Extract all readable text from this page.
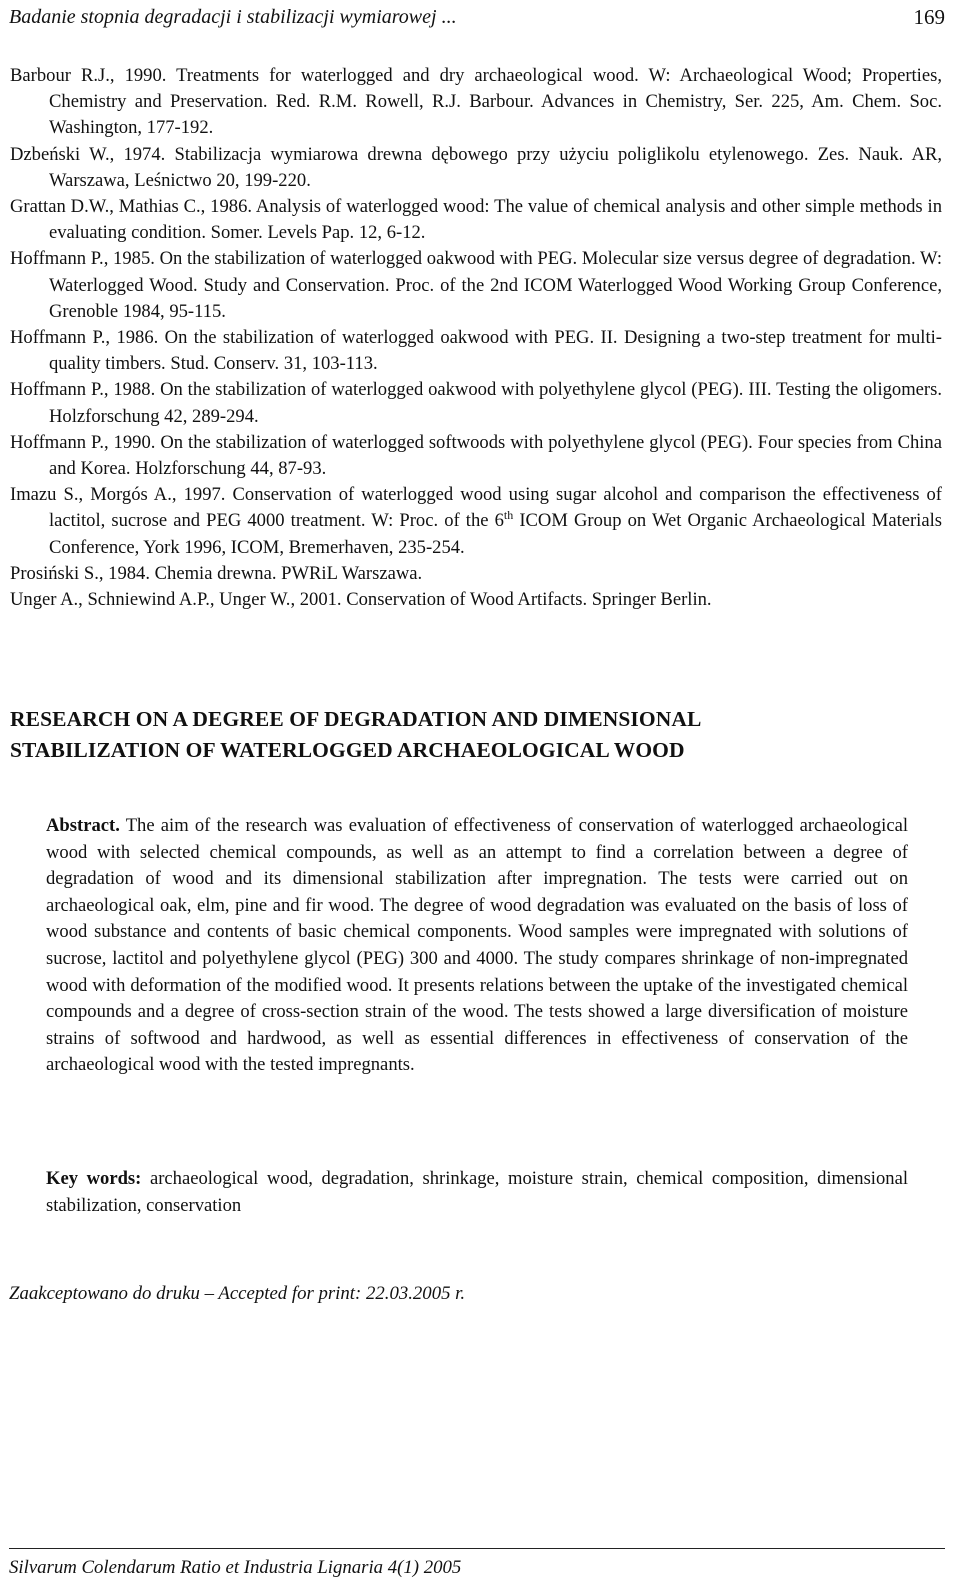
Badanie stopnia degradacji i stabilizacji wymiarowej ...	169

Barbour R.J., 1990. Treatments for waterlogged and dry archaeological wood. W: Archaeological Wood; Properties, Chemistry and Preservation. Red. R.M. Rowell, R.J. Barbour. Advances in Chemistry, Ser. 225, Am. Chem. Soc. Washington, 177-192.

Dzbeński W., 1974. Stabilizacja wymiarowa drewna dębowego przy użyciu poliglikolu etylenowego. Zes. Nauk. AR, Warszawa, Leśnictwo 20, 199-220.

Grattan D.W., Mathias C., 1986. Analysis of waterlogged wood: The value of chemical analysis and other simple methods in evaluating condition. Somer. Levels Pap. 12, 6-12.

Hoffmann P., 1985. On the stabilization of waterlogged oakwood with PEG. Molecular size versus degree of degradation. W: Waterlogged Wood. Study and Conservation. Proc. of the 2nd ICOM Waterlogged Wood Working Group Conference, Grenoble 1984, 95-115.

Hoffmann P., 1986. On the stabilization of waterlogged oakwood with PEG. II. Designing a two-step treatment for multi-quality timbers. Stud. Conserv. 31, 103-113.

Hoffmann P., 1988. On the stabilization of waterlogged oakwood with polyethylene glycol (PEG). III. Testing the oligomers. Holzforschung 42, 289-294.

Hoffmann P., 1990. On the stabilization of waterlogged softwoods with polyethylene glycol (PEG). Four species from China and Korea. Holzforschung 44, 87-93.

Imazu S., Morgós A., 1997. Conservation of waterlogged wood using sugar alcohol and comparison the effectiveness of lactitol, sucrose and PEG 4000 treatment. W: Proc. of the 6th ICOM Group on Wet Organic Archaeological Materials Conference, York 1996, ICOM, Bremerhaven, 235-254.

Prosiński S., 1984. Chemia drewna. PWRiL Warszawa.

Unger A., Schniewind A.P., Unger W., 2001. Conservation of Wood Artifacts. Springer Berlin.

RESEARCH ON A DEGREE OF DEGRADATION AND DIMENSIONAL
STABILIZATION OF WATERLOGGED ARCHAEOLOGICAL WOOD

Abstract. The aim of the research was evaluation of effectiveness of conservation of waterlogged archaeological wood with selected chemical compounds, as well as an attempt to find a correlation between a degree of degradation of wood and its dimensional stabilization after impregnation. The tests were carried out on archaeological oak, elm, pine and fir wood. The degree of wood degradation was evaluated on the basis of loss of wood substance and contents of basic chemical components. Wood samples were impregnated with solutions of sucrose, lactitol and polyethylene glycol (PEG) 300 and 4000. The study compares shrinkage of non-impregnated wood with deformation of the modified wood. It presents relations between the uptake of the investigated chemical compounds and a degree of cross-section strain of the wood. The tests showed a large diversification of moisture strains of softwood and hardwood, as well as essential differences in effectiveness of conservation of the archaeological wood with the tested impregnants.

Key words: archaeological wood, degradation, shrinkage, moisture strain, chemical composition, dimensional stabilization, conservation

Zaakceptowano do druku – Accepted for print: 22.03.2005 r.
Silvarum Colendarum Ratio et Industria Lignaria 4(1) 2005
